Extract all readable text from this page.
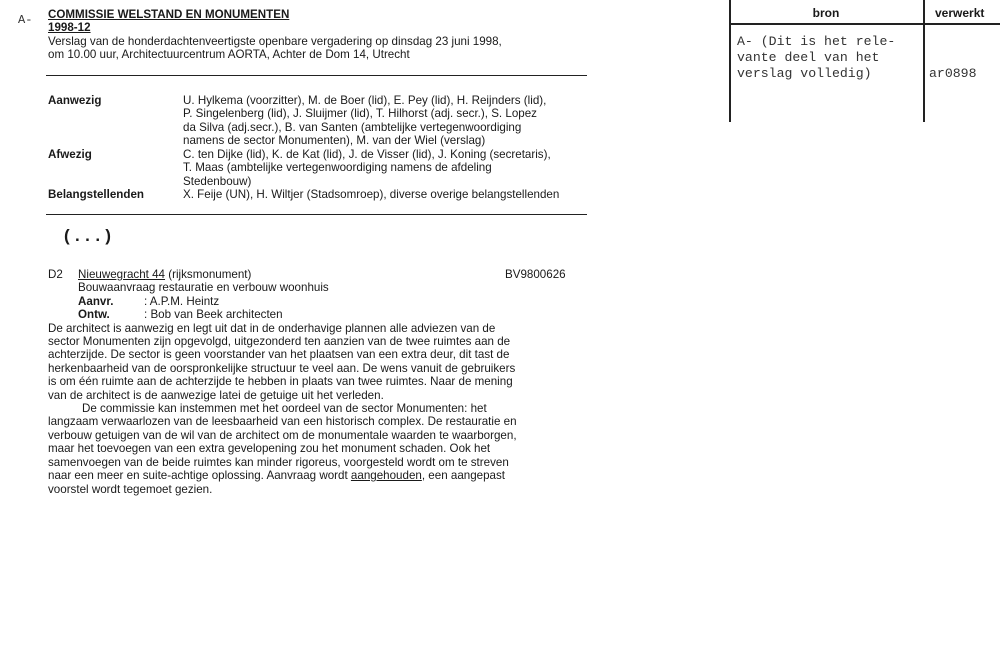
A- COMMISSIE WELSTAND EN MONUMENTEN
1998-12
Verslag van de honderdachtenveertigste openbare vergadering op dinsdag 23 juni 1998,
om 10.00 uur, Architectuurcentrum AORTA, Achter de Dom 14, Utrecht
Aanwezig	U. Hylkema (voorzitter), M. de Boer (lid), E. Pey (lid), H. Reijnders (lid),
P. Singelenberg (lid), J. Sluijmer (lid), T. Hilhorst (adj. secr.), S. Lopez
da Silva (adj.secr.), B. van Santen (ambtelijke vertegenwoordiging
namens de sector Monumenten), M. van der Wiel (verslag)
Afwezig	C. ten Dijke (lid), K. de Kat (lid), J. de Visser (lid), J. Koning (secretaris),
T. Maas (ambtelijke vertegenwoordiging namens de afdeling
Stedenbouw)
Belangstellenden	X. Feije (UN), H. Wiltjer (Stadsomroep), diverse overige belangstellenden
(...)
D2	BV9800626
Nieuwegracht 44 (rijksmonument)
Bouwaanvraag restauratie en verbouw woonhuis
Aanvr.	: A.P.M. Heintz
Ontw.	: Bob van Beek architecten
De architect is aanwezig en legt uit dat in de onderhavige plannen alle adviezen van de
sector Monumenten zijn opgevolgd, uitgezonderd ten aanzien van de twee ruimtes aan de
achterzijde. De sector is geen voorstander van het plaatsen van een extra deur, dit tast de
herkenbaarheid van de oorspronkelijke structuur te veel aan. De wens vanuit de gebruikers
is om één ruimte aan de achterzijde te hebben in plaats van twee ruimtes. Naar de mening
van de architect is de aanwezige latei de getuige uit het verleden.
De commissie kan instemmen met het oordeel van de sector Monumenten: het
langzaam verwaarlozen van de leesbaarheid van een historisch complex. De restauratie en
verbouw getuigen van de wil van de architect om de monumentale waarden te waarborgen,
maar het toevoegen van een extra gevelopening zou het monument schaden. Ook het
samenvoegen van de beide ruimtes kan minder rigoreus, voorgesteld wordt om te streven
naar een meer en suite-achtige oplossing. Aanvraag wordt aangehouden, een aangepast
voorstel wordt tegemoet gezien.
bron	verwerkt
A- (Dit is het rele-
vante deel van het
verslag volledig)	ar0898
